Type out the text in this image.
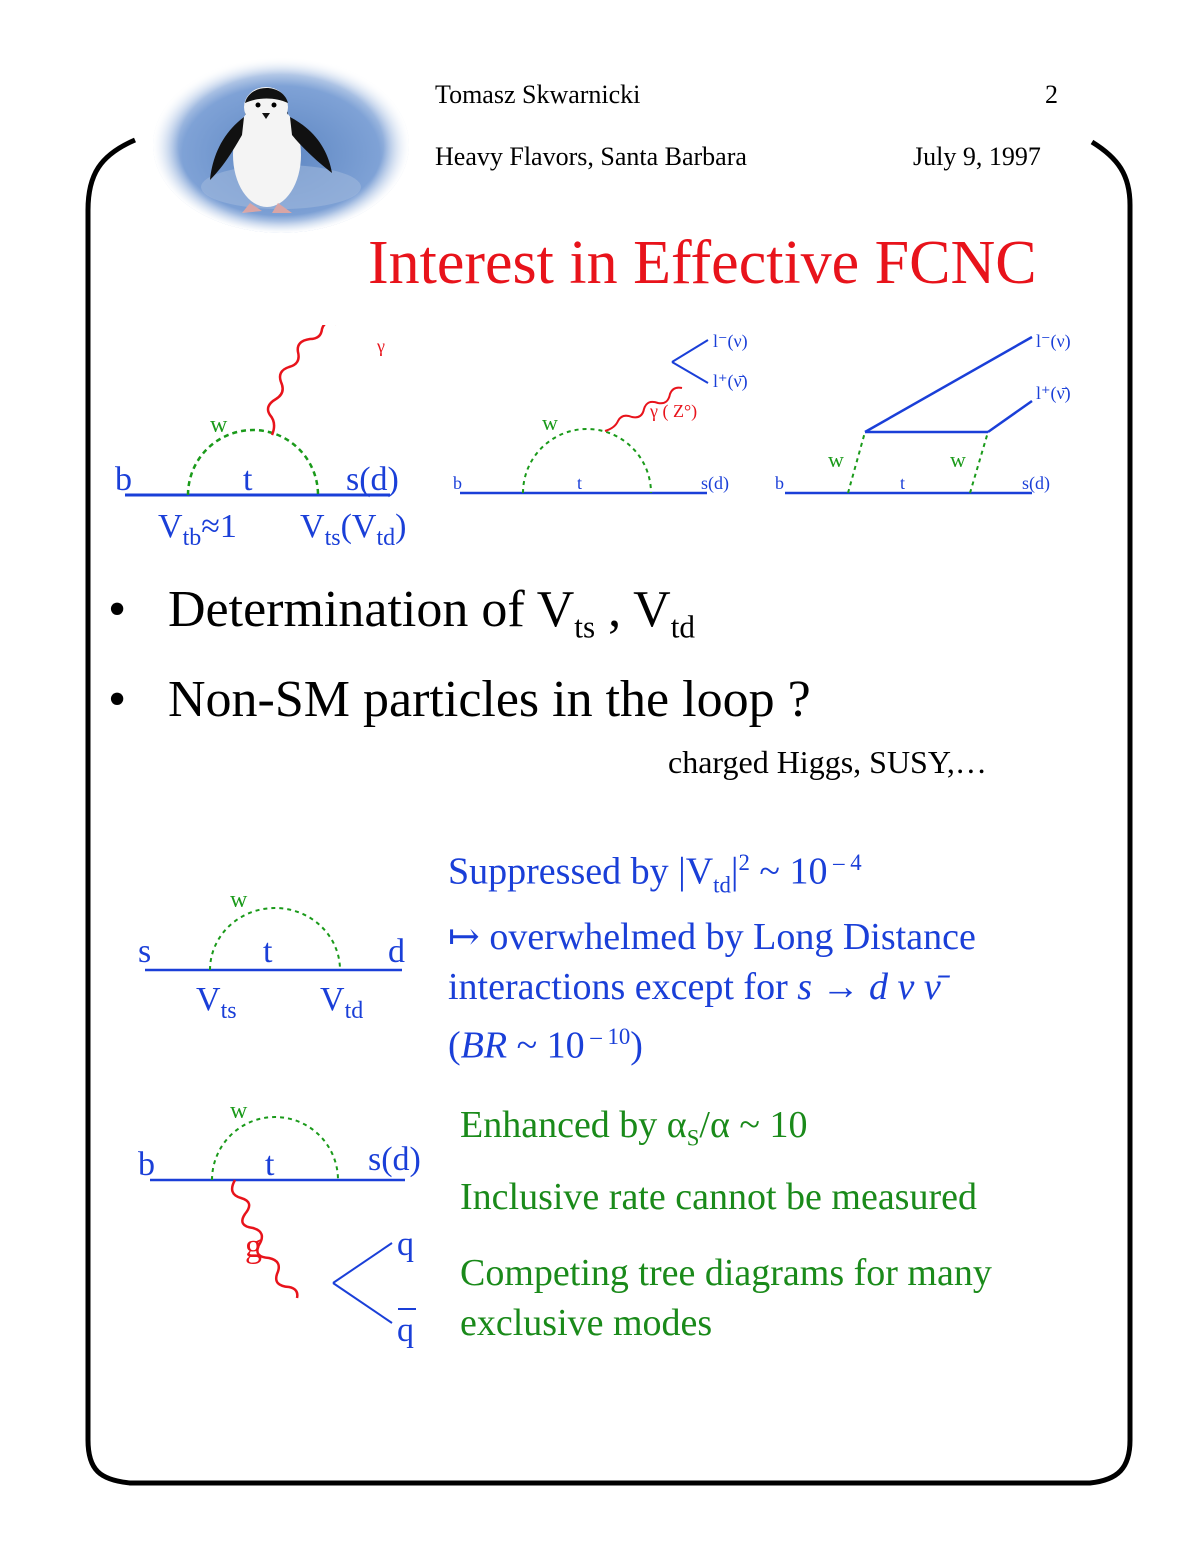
Tomasz Skwarnicki	2
Heavy Flavors, Santa Barbara	July 9, 1997
Interest in Effective FCNC
γ
w
b	t	s(d)
$V_{tb}\approx 1$ $V_{ts}(V_{td})$
l⁻(ν)
l⁺(ν̄)
γ ( Z°)
w
b	t	s(d)
l⁻(ν)
l⁺(ν̄)
w	w
b	t	s(d)
• Determination of $V_{ts}$ , $V_{td}$
• Non-SM particles in the loop ?
charged Higgs, SUSY,…
w
s	t	d
$V_{ts}$ $V_{td}$
Suppressed by $|V_{td}|^2$ ~ 10 $^{- 4}$
↦ overwhelmed by Long Distance
interactions except for s → d ν ν̄
(BR ~ 10 $^{- 10}$)
w
b	t	s(d)
g	q
q
Enhanced by $\alpha_S/\alpha$ ~ 10
Inclusive rate cannot be measured
Competing tree diagrams for many
exclusive modes
